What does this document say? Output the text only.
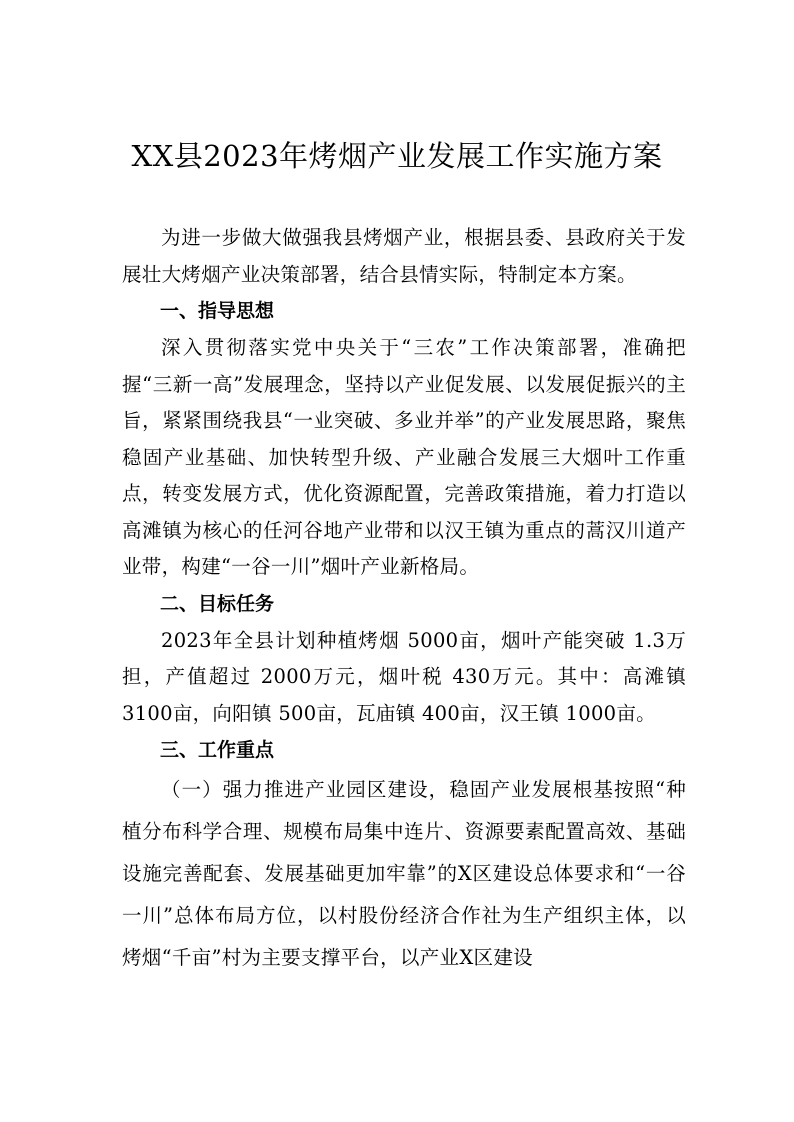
XX县2023年烤烟产业发展工作实施方案

为进一步做大做强我县烤烟产业，根据县委、县政府关于发展壮大烤烟产业决策部署，结合县情实际，特制定本方案。

一、指导思想

深入贯彻落实党中央关于“三农”工作决策部署，准确把握“三新一高”发展理念，坚持以产业促发展、以发展促振兴的主旨，紧紧围绕我县“一业突破、多业并举”的产业发展思路，聚焦稳固产业基础、加快转型升级、产业融合发展三大烟叶工作重点，转变发展方式，优化资源配置，完善政策措施，着力打造以高滩镇为核心的任河谷地产业带和以汉王镇为重点的蒿汉川道产业带，构建“一谷一川”烟叶产业新格局。

二、目标任务

2023年全县计划种植烤烟 5000亩，烟叶产能突破 1.3万担，产值超过 2000万元，烟叶税 430万元。其中：高滩镇3100亩，向阳镇 500亩，瓦庙镇 400亩，汉王镇 1000亩。

三、工作重点

（一）强力推进产业园区建设，稳固产业发展根基按照“种植分布科学合理、规模布局集中连片、资源要素配置高效、基础设施完善配套、发展基础更加牢靠”的X区建设总体要求和“一谷一川”总体布局方位，以村股份经济合作社为生产组织主体，以烤烟“千亩”村为主要支撑平台，以产业X区建设
